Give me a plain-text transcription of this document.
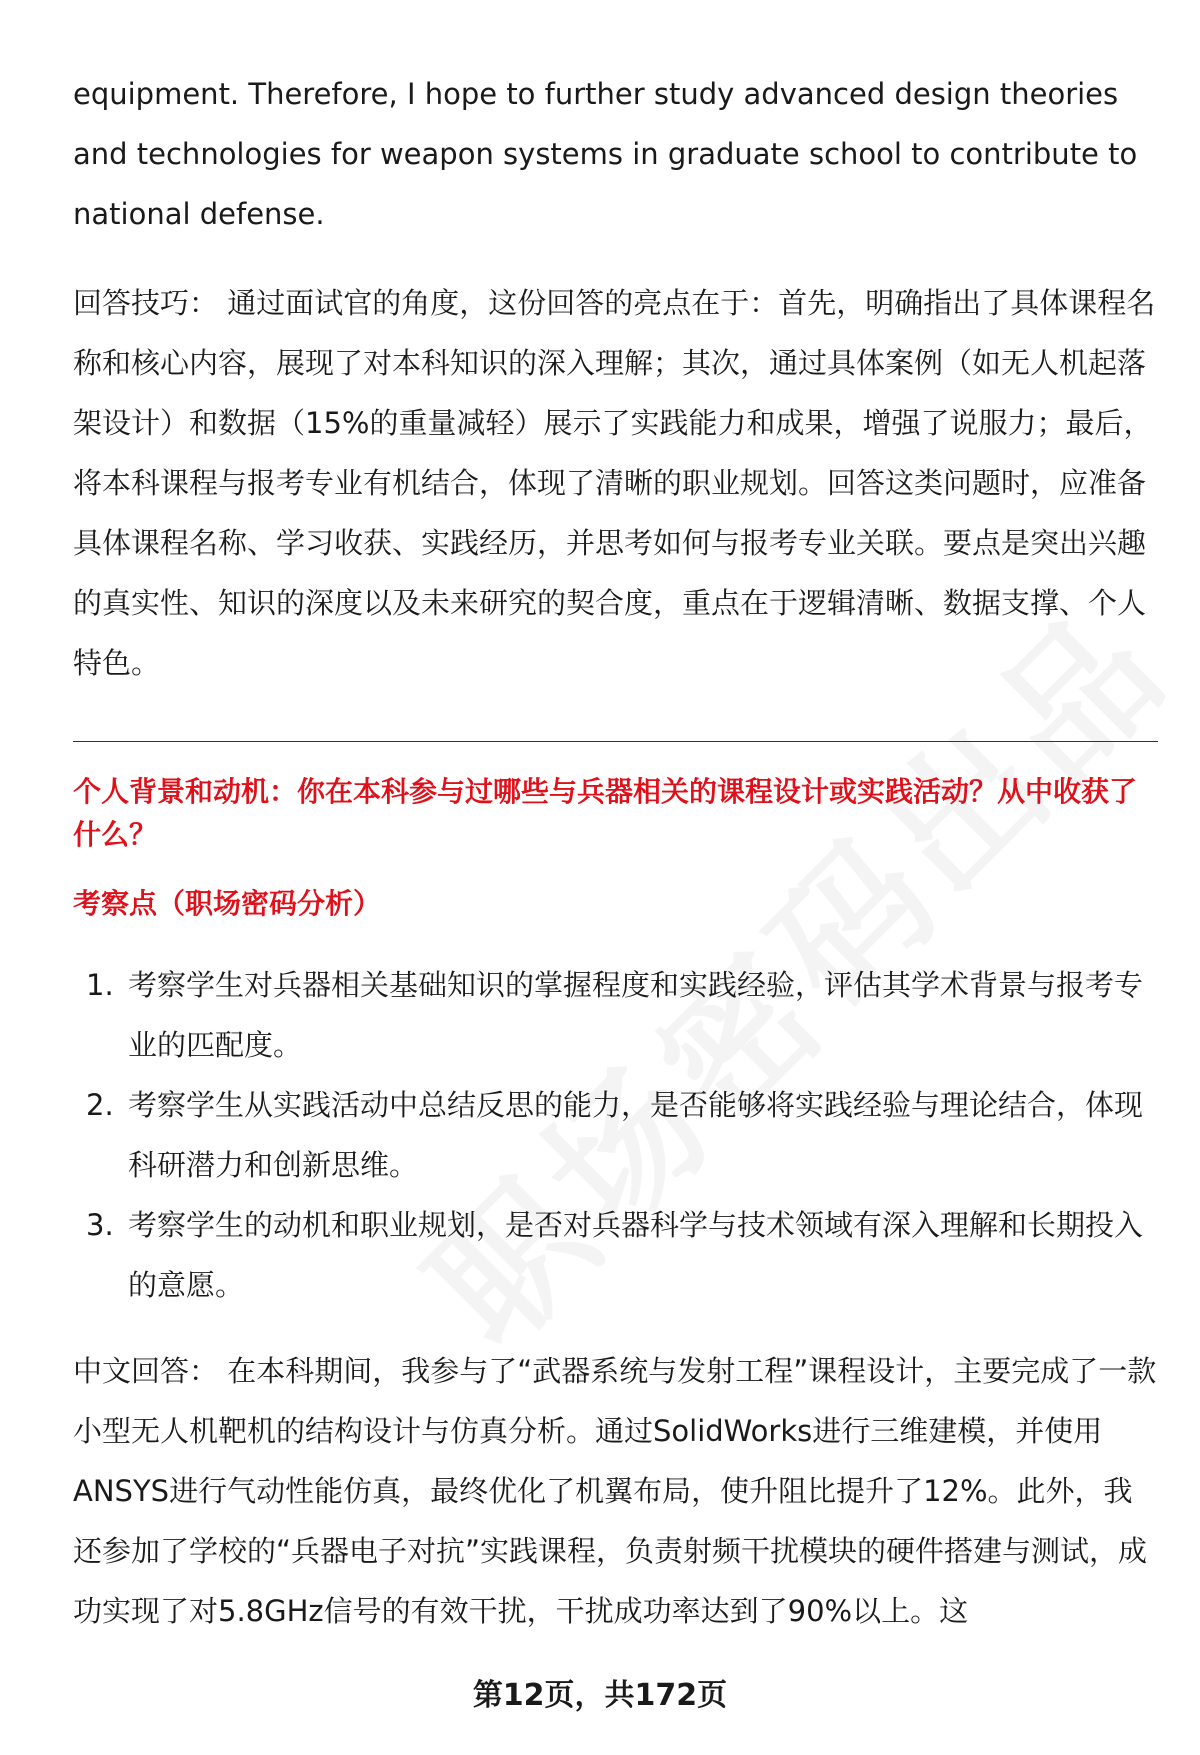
equipment. Therefore, I hope to further study advanced design theories and technologies for weapon systems in graduate school to contribute to national defense.

回答技巧： 通过面试官的角度，这份回答的亮点在于：首先，明确指出了具体课程名称和核心内容，展现了对本科知识的深入理解；其次，通过具体案例（如无人机起落架设计）和数据（15%的重量减轻）展示了实践能力和成果，增强了说服力；最后，将本科课程与报考专业有机结合，体现了清晰的职业规划。回答这类问题时，应准备具体课程名称、学习收获、实践经历，并思考如何与报考专业关联。要点是突出兴趣的真实性、知识的深度以及未来研究的契合度，重点在于逻辑清晰、数据支撑、个人特色。

个人背景和动机：你在本科参与过哪些与兵器相关的课程设计或实践活动？从中收获了什么？
考察点（职场密码分析）
1. 考察学生对兵器相关基础知识的掌握程度和实践经验，评估其学术背景与报考专业的匹配度。
2. 考察学生从实践活动中总结反思的能力，是否能够将实践经验与理论结合，体现科研潜力和创新思维。
3. 考察学生的动机和职业规划，是否对兵器科学与技术领域有深入理解和长期投入的意愿。

中文回答： 在本科期间，我参与了“武器系统与发射工程”课程设计，主要完成了一款小型无人机靶机的结构设计与仿真分析。通过SolidWorks进行三维建模，并使用ANSYS进行气动性能仿真，最终优化了机翼布局，使升阻比提升了12%。此外，我还参加了学校的“兵器电子对抗”实践课程，负责射频干扰模块的硬件搭建与测试，成功实现了对5.8GHz信号的有效干扰，干扰成功率达到了90%以上。这

第12页，共172页
